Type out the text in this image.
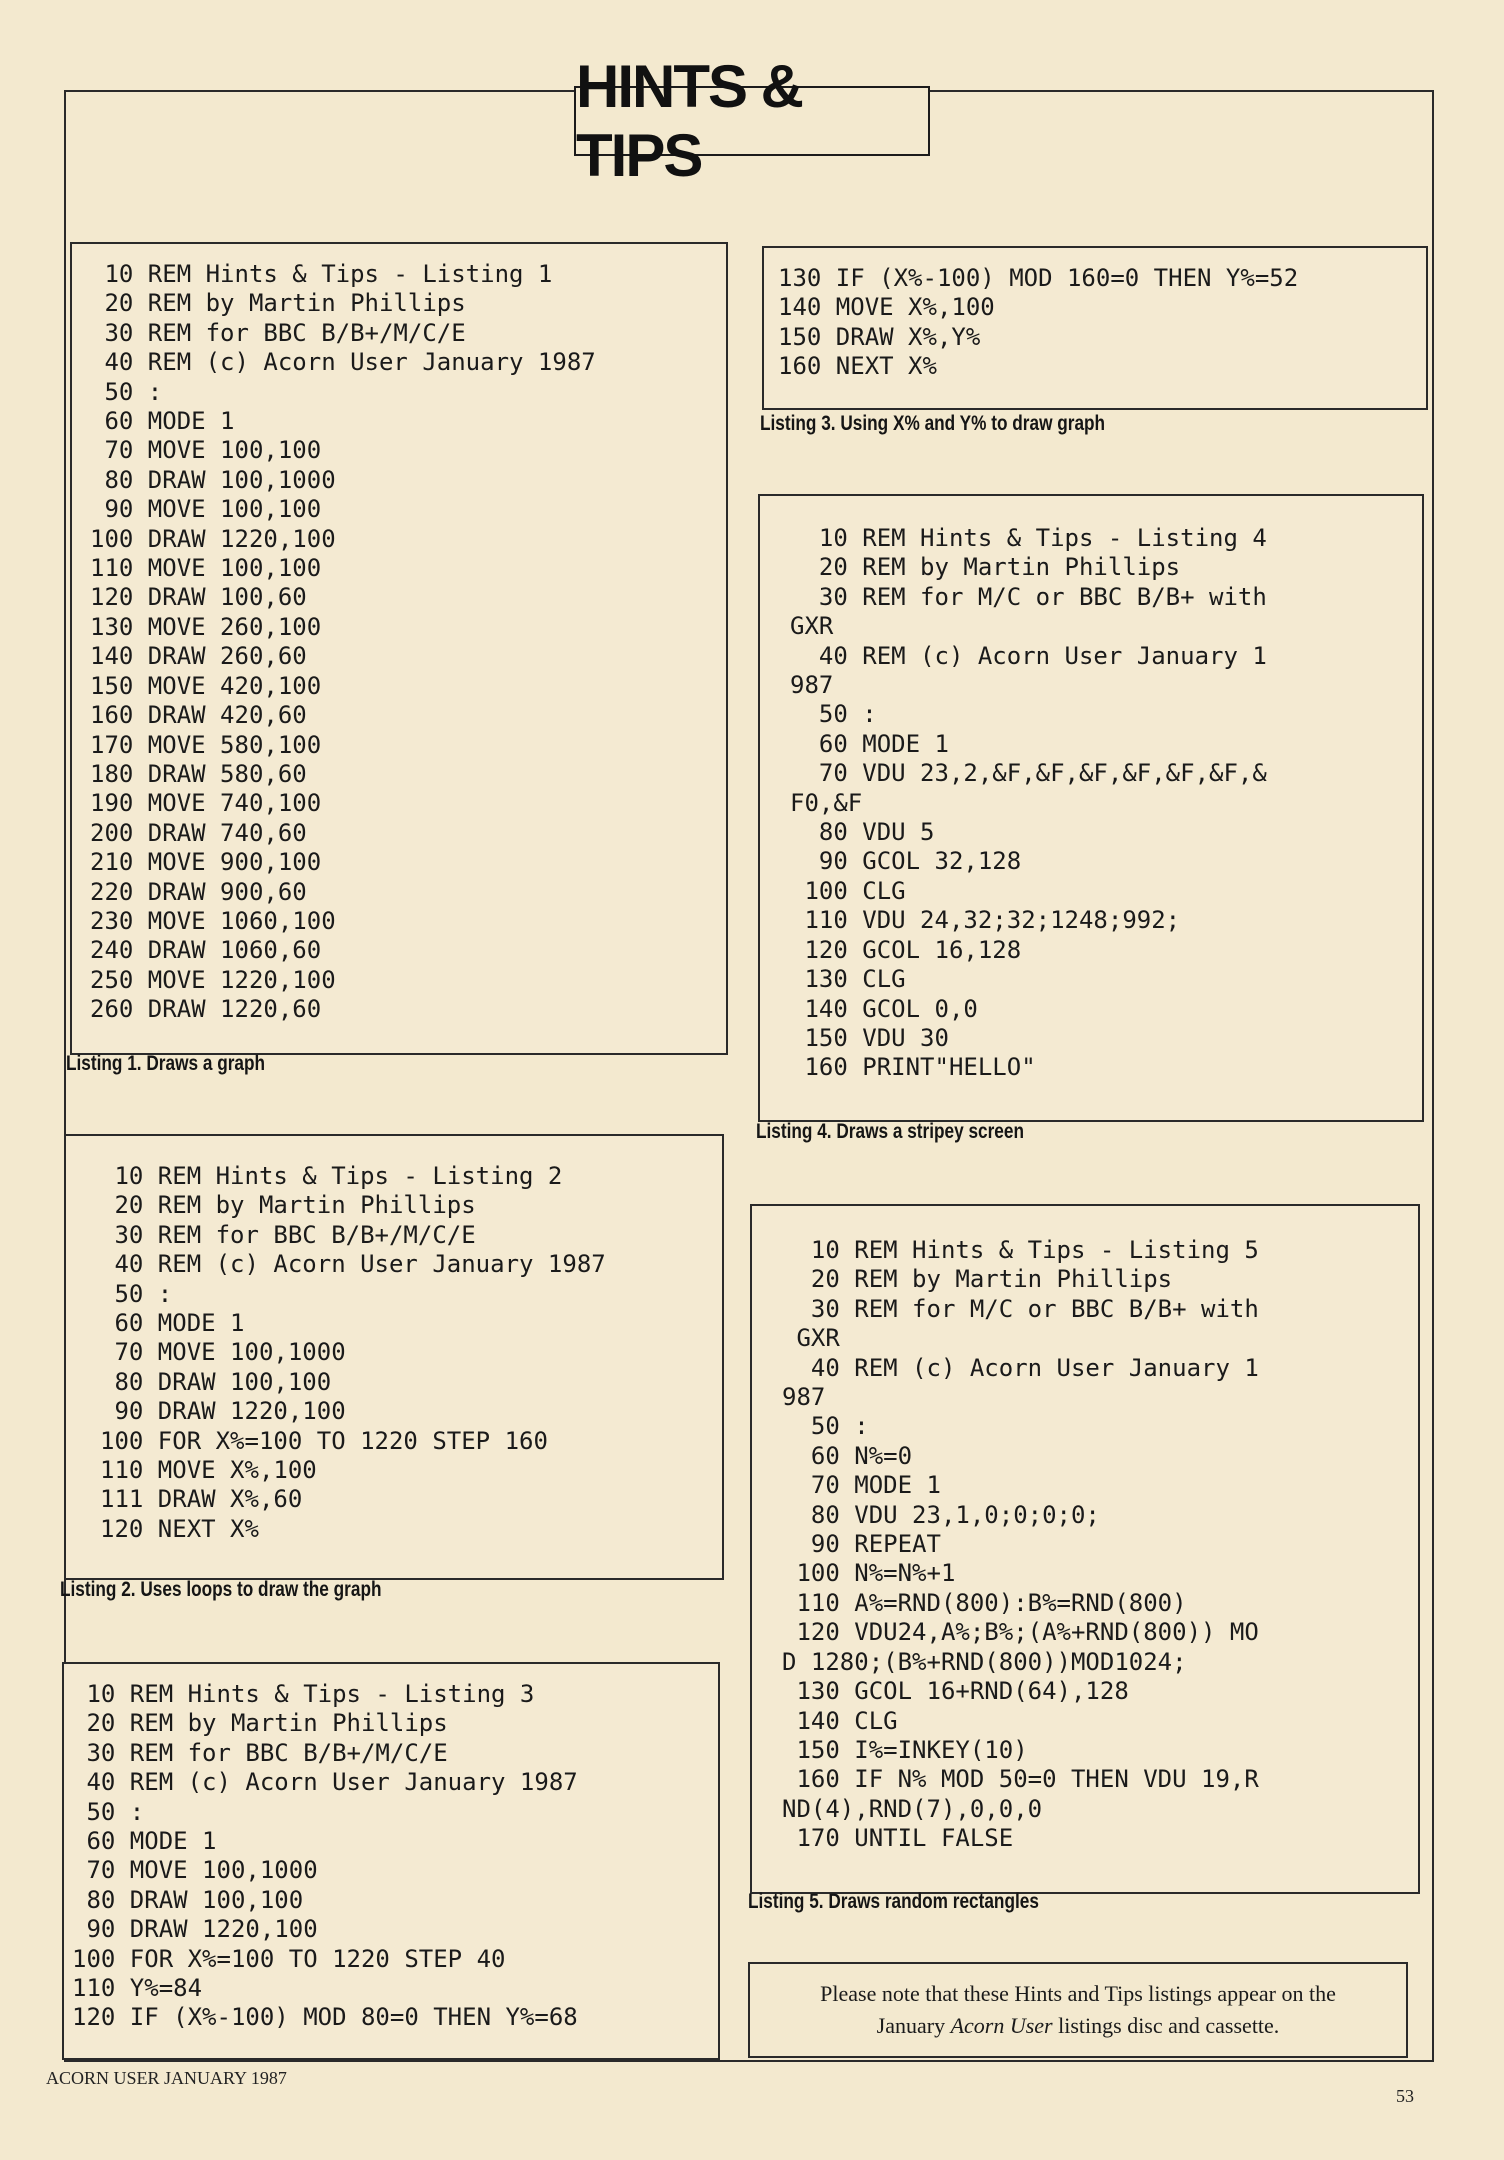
HINTS & TIPS
10 REM Hints & Tips - Listing 1
20 REM by Martin Phillips
30 REM for BBC B/B+/M/C/E
40 REM (c) Acorn User January 1987
50 :
60 MODE 1
70 MOVE 100,100
80 DRAW 100,1000
90 MOVE 100,100
100 DRAW 1220,100
110 MOVE 100,100
120 DRAW 100,60
130 MOVE 260,100
140 DRAW 260,60
150 MOVE 420,100
160 DRAW 420,60
170 MOVE 580,100
180 DRAW 580,60
190 MOVE 740,100
200 DRAW 740,60
210 MOVE 900,100
220 DRAW 900,60
230 MOVE 1060,100
240 DRAW 1060,60
250 MOVE 1220,100
260 DRAW 1220,60
Listing 1. Draws a graph
10 REM Hints & Tips - Listing 2
20 REM by Martin Phillips
30 REM for BBC B/B+/M/C/E
40 REM (c) Acorn User January 1987
50 :
60 MODE 1
70 MOVE 100,1000
80 DRAW 100,100
90 DRAW 1220,100
100 FOR X%=100 TO 1220 STEP 160
110 MOVE X%,100
111 DRAW X%,60
120 NEXT X%
Listing 2. Uses loops to draw the graph
10 REM Hints & Tips - Listing 3
20 REM by Martin Phillips
30 REM for BBC B/B+/M/C/E
40 REM (c) Acorn User January 1987
50 :
60 MODE 1
70 MOVE 100,1000
80 DRAW 100,100
90 DRAW 1220,100
100 FOR X%=100 TO 1220 STEP 40
110 Y%=84
120 IF (X%-100) MOD 80=0 THEN Y%=68
130 IF (X%-100) MOD 160=0 THEN Y%=52
140 MOVE X%,100
150 DRAW X%,Y%
160 NEXT X%
Listing 3. Using X% and Y% to draw graph
10 REM Hints & Tips - Listing 4
20 REM by Martin Phillips
30 REM for M/C or BBC B/B+ with
GXR
40 REM (c) Acorn User January 1
987
50 :
60 MODE 1
70 VDU 23,2,&F,&F,&F,&F,&F,&F,&
F0,&F
80 VDU 5
90 GCOL 32,128
100 CLG
110 VDU 24,32;32;1248;992;
120 GCOL 16,128
130 CLG
140 GCOL 0,0
150 VDU 30
160 PRINT"HELLO"
Listing 4. Draws a stripey screen
10 REM Hints & Tips - Listing 5
20 REM by Martin Phillips
30 REM for M/C or BBC B/B+ with
GXR
40 REM (c) Acorn User January 1
987
50 :
60 N%=0
70 MODE 1
80 VDU 23,1,0;0;0;0;
90 REPEAT
100 N%=N%+1
110 A%=RND(800):B%=RND(800)
120 VDU24,A%;B%;(A%+RND(800)) MO
D 1280;(B%+RND(800))MOD1024;
130 GCOL 16+RND(64),128
140 CLG
150 I%=INKEY(10)
160 IF N% MOD 50=0 THEN VDU 19,R
ND(4),RND(7),0,0,0
170 UNTIL FALSE
Listing 5. Draws random rectangles
Please note that these Hints and Tips listings appear on the
January Acorn User listings disc and cassette.
ACORN USER JANUARY 1987
53
